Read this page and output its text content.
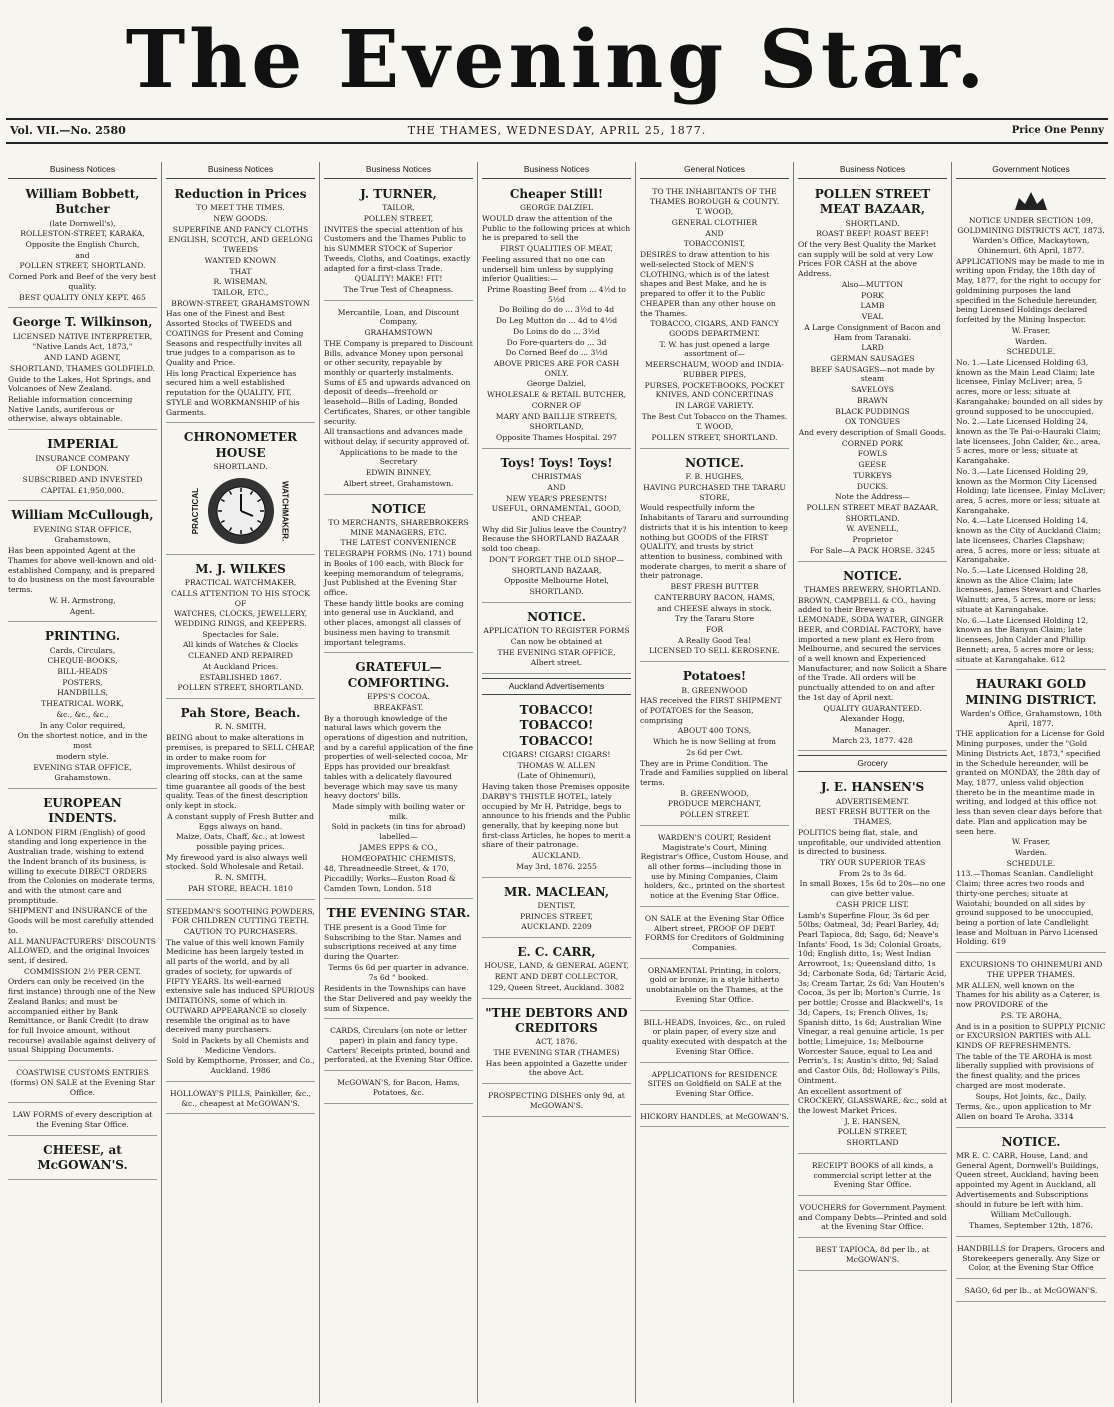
The Evening Star.
Vol. VII.—No. 2580	THE THAMES, WEDNESDAY, APRIL 25, 1877.	Price One Penny
Business Notices

William Bobbett, Butcher

(late Dornwell's),

ROLLESTON-STREET, KARAKA,

Opposite the English Church,

and

POLLEN STREET, SHORTLAND.

Corned Pork and Beef of the very best quality.

BEST QUALITY ONLY KEPT. 465

George T. Wilkinson,

LICENSED NATIVE INTERPRETER,

"Native Lands Act, 1873,"

AND LAND AGENT,

SHORTLAND, THAMES GOLDFIELD.

Guide to the Lakes, Hot Springs, and Volcanoes of New Zealand.

Reliable information concerning Native Lands, auriferous or otherwise, always obtainable.

IMPERIAL

INSURANCE COMPANY

OF LONDON.

SUBSCRIBED AND INVESTED

CAPITAL £1,950,000.

William McCullough,

EVENING STAR OFFICE,

Grahamstown,

Has been appointed Agent at the Thames for above well-known and old-established Company, and is prepared to do business on the most favourable terms.

W. H. Armstrong,

Agent.

PRINTING.

Cards, Circulars,

CHEQUE-BOOKS,

BILL-HEADS

POSTERS,

HANDBILLS,

THEATRICAL WORK,

&c., &c., &c.,

In any Color required,

On the shortest notice, and in the most

modern style.

EVENING STAR OFFICE,

Grahamstown.

EUROPEAN INDENTS.

A LONDON FIRM (English) of good standing and long experience in the Australian trade, wishing to extend the Indent branch of its business, is willing to execute DIRECT ORDERS from the Colonies on moderate terms, and with the utmost care and promptitude.

SHIPMENT and INSURANCE of the Goods will be most carefully attended to.

ALL MANUFACTURERS' DISCOUNTS ALLOWED, and the original Invoices sent, if desired.

COMMISSION 2½ PER CENT.

Orders can only be received (in the first instance) through one of the New Zealand Banks; and must be accompanied either by Bank Remittance, or Bank Credit (to draw for full Invoice amount, without recourse) available against delivery of usual Shipping Documents.

COASTWISE CUSTOMS ENTRIES (forms) ON SALE at the Evening Star Office.

LAW FORMS of every description at the Evening Star Office.

CHEESE, at McGOWAN'S.

Business Notices

Reduction in Prices

TO MEET THE TIMES.

NEW GOODS.

SUPERFINE AND FANCY CLOTHS

ENGLISH, SCOTCH, AND GEELONG TWEEDS

WANTED KNOWN

THAT

R. WISEMAN,

TAILOR, ETC.,

BROWN-STREET, GRAHAMSTOWN

Has one of the Finest and Best Assorted Stocks of TWEEDS and COATINGS for Present and Coming Seasons and respectfully invites all true judges to a comparison as to Quality and Price.

His long Practical Experience has secured him a well established reputation for the QUALITY, FIT, STYLE and WORKMANSHIP of his Garments.

CHRONOMETER HOUSE

SHORTLAND.

PRACTICAL	WATCHMAKER.

M. J. WILKES

PRACTICAL WATCHMAKER,

CALLS ATTENTION TO HIS STOCK OF

WATCHES, CLOCKS, JEWELLERY, WEDDING RINGS, and KEEPERS.

Spectacles for Sale.

All kinds of Watches & Clocks

CLEANED AND REPAIRED

At Auckland Prices.

ESTABLISHED 1867.

POLLEN STREET, SHORTLAND.

Pah Store, Beach.

R. N. SMITH,

BEING about to make alterations in premises, is prepared to SELL CHEAP, in order to make room for improvements. Whilst desirous of clearing off stocks, can at the same time guarantee all goods of the best quality. Teas of the finest description only kept in stock.

A constant supply of Fresh Butter and Eggs always on hand.

Maize, Oats, Chaff, &c., at lowest possible paying prices.

My firewood yard is also always well stocked. Sold Wholesale and Retail.

R. N. SMITH,

PAH STORE, BEACH. 1810

STEEDMAN'S SOOTHING POWDERS, FOR CHILDREN CUTTING TEETH.

CAUTION TO PURCHASERS.

The value of this well known Family Medicine has been largely tested in all parts of the world, and by all grades of society, for upwards of FIFTY YEARS. Its well-earned extensive sale has induced SPURIOUS IMITATIONS, some of which in OUTWARD APPEARANCE so closely resemble the original as to have deceived many purchasers.

Sold in Packets by all Chemists and Medicine Vendors.

Sold by Kempthorne, Prosser, and Co., Auckland. 1986

HOLLOWAY'S PILLS, Painkiller, &c., &c., cheapest at McGOWAN'S.

Business Notices

J. TURNER,

TAILOR,

POLLEN STREET,

INVITES the special attention of his Customers and the Thames Public to his SUMMER STOCK of Superior Tweeds, Cloths, and Coatings, exactly adapted for a first-class Trade.

QUALITY! MAKE! FIT!

The True Test of Cheapness.

Mercantile, Loan, and Discount Company,

GRAHAMSTOWN

THE Company is prepared to Discount Bills, advance Money upon personal or other security, repayable by monthly or quarterly instalments. Sums of £5 and upwards advanced on deposit of deeds—freehold or leasehold—Bills of Lading, Bonded Certificates, Shares, or other tangible security.

All transactions and advances made without delay, if security approved of.

Applications to be made to the Secretary

EDWIN BINNEY,

Albert street, Grahamstown.

NOTICE

TO MERCHANTS, SHAREBROKERS MINE MANAGERS, ETC.

THE LATEST CONVENIENCE

TELEGRAPH FORMS (No. 171) bound in Books of 100 each, with Block for keeping memorandum of telegrams, Just Published at the Evening Star office.

These handy little books are coming into general use in Auckland, and other places, amongst all classes of business men having to transmit important telegrams.

GRATEFUL—COMFORTING.

EPPS'S COCOA.

BREAKFAST.

By a thorough knowledge of the natural laws which govern the operations of digestion and nutrition, and by a careful application of the fine properties of well-selected cocoa, Mr Epps has provided our breakfast tables with a delicately flavoured beverage which may save us many heavy doctors' bills.

Made simply with boiling water or milk.

Sold in packets (in tins for abroad) labelled—

JAMES EPPS & CO.,

HOMŒOPATHIC CHEMISTS,

48, Threadneedle Street, & 170, Piccadilly; Works—Euston Road & Camden Town, London. 518

THE EVENING STAR.

THE present is a Good Time for Subscribing to the Star. Names and subscriptions received at any time during the Quarter.

Terms 6s 6d per quarter in advance.

7s 6d " booked.

Residents in the Townships can have the Star Delivered and pay weekly the sum of Sixpence.

CARDS, Circulars (on note or letter paper) in plain and fancy type. Carters' Receipts printed, bound and perforated, at the Evening Star Office.

McGOWAN'S, for Bacon, Hams, Potatoes, &c.

Business Notices

Cheaper Still!

GEORGE DALZIEL

WOULD draw the attention of the Public to the following prices at which he is prepared to sell the

FIRST QUALITIES OF MEAT,

Feeling assured that no one can undersell him unless by supplying inferior Qualities:—

Prime Roasting Beef from ... 4½d to 5½d

Do Boiling do do ... 3½d to 4d

Do Leg Mutton do ... 4d to 4½d

Do Loins do do ... 3½d

Do Fore-quarters do ... 3d

Do Corned Beef do ... 3½d

ABOVE PRICES ARE FOR CASH ONLY.

George Dalziel,

WHOLESALE & RETAIL BUTCHER,

CORNER OF

MARY AND BAILLIE STREETS,

SHORTLAND,

Opposite Thames Hospital. 297

Toys! Toys! Toys!

CHRISTMAS

AND

NEW YEAR'S PRESENTS!

USEFUL, ORNAMENTAL, GOOD, AND CHEAP.

Why did Sir Julius leave the Country? Because the SHORTLAND BAZAAR sold too cheap.

DON'T FORGET THE OLD SHOP—

SHORTLAND BAZAAR,

Opposite Melbourne Hotel,

SHORTLAND.

NOTICE.

APPLICATION TO REGISTER FORMS

Can now be obtained at

THE EVENING STAR OFFICE,

Albert street.

Auckland Advertisements

TOBACCO! TOBACCO! TOBACCO!

CIGARS! CIGARS! CIGARS!

THOMAS W. ALLEN

(Late of Ohinemuri),

Having taken those Premises opposite DARBY'S THISTLE HOTEL, lately occupied by Mr H. Patridge, begs to announce to his friends and the Public generally, that by keeping none but first-class Articles, he hopes to merit a share of their patronage.

AUCKLAND.

May 3rd, 1876. 2255

MR. MACLEAN,

DENTIST,

PRINCES STREET,

AUCKLAND. 2209

E. C. CARR,

HOUSE, LAND, & GENERAL AGENT,

RENT AND DEBT COLLECTOR,

129, Queen Street, Auckland. 3082

"THE DEBTORS AND CREDITORS

ACT, 1876.

THE EVENING STAR (THAMES)

Has been appointed a Gazette under the above Act.

PROSPECTING DISHES only 9d, at McGOWAN'S.

General Notices

TO THE INHABITANTS OF THE THAMES BOROUGH & COUNTY.

T. WOOD,

GENERAL CLOTHIER

AND

TOBACCONIST,

DESIRES to draw attention to his well-selected Stock of MEN'S CLOTHING, which is of the latest shapes and Best Make, and he is prepared to offer it to the Public CHEAPER than any other house on the Thames.

TOBACCO, CIGARS, AND FANCY GOODS DEPARTMENT.

T. W. has just opened a large assortment of—

MEERSCHAUM, WOOD and INDIA-RUBBER PIPES,

PURSES, POCKET-BOOKS, POCKET KNIVES, AND CONCERTINAS

IN LARGE VARIETY.

The Best Cut Tobacco on the Thames.

T. WOOD,

POLLEN STREET, SHORTLAND.

NOTICE.

F. B. HUGHES,

HAVING PURCHASED THE TARARU STORE,

Would respectfully inform the Inhabitants of Tararu and surrounding districts that it is his intention to keep nothing but GOODS of the FIRST QUALITY, and trusts by strict attention to business, combined with moderate charges, to merit a share of their patronage.

BEST FRESH BUTTER

CANTERBURY BACON, HAMS,

and CHEESE always in stock.

Try the Tararu Store

FOR

A Really Good Tea!

LICENSED TO SELL KEROSENE.

Potatoes!

B. GREENWOOD

HAS received the FIRST SHIPMENT of POTATOES for the Season, comprising

ABOUT 400 TONS,

Which he is now Selling at from

2s 6d per Cwt.

They are in Prime Condition. The Trade and Families supplied on liberal terms.

B. GREENWOOD,

PRODUCE MERCHANT,

POLLEN STREET.

WARDEN'S COURT, Resident Magistrate's Court, Mining Registrar's Office, Custom House, and all other forms—including those in use by Mining Companies, Claim holders, &c., printed on the shortest notice at the Evening Star Office.

ON SALE at the Evening Star Office Albert street, PROOF OF DEBT FORMS for Creditors of Goldmining Companies.

ORNAMENTAL Printing, in colors, gold or bronze, in a style hitherto unobtainable on the Thames, at the Evening Star Office.

BILL-HEADS, Invoices, &c., on ruled or plain paper, of every size and quality executed with despatch at the Evening Star Office.

APPLICATIONS for RESIDENCE SITES on Goldfield on SALE at the Evening Star Office.

HICKORY HANDLES, at McGOWAN'S.

Business Notices

POLLEN STREET MEAT BAZAAR,

SHORTLAND.

ROAST BEEF! ROAST BEEF!

Of the very Best Quality the Market can supply will be sold at very Low Prices FOR CASH at the above Address.

Also—MUTTON

PORK

LAMB

VEAL

A Large Consignment of Bacon and Ham from Taranaki.

LARD

GERMAN SAUSAGES

BEEF SAUSAGES—not made by steam

SAVELOYS

BRAWN

BLACK PUDDINGS

OX TONGUES

And every description of Small Goods.

CORNED PORK

FOWLS

GEESE

TURKEYS

DUCKS.

Note the Address—

POLLEN STREET MEAT BAZAAR,

SHORTLAND.

W. AVENELL,

Proprietor

For Sale—A PACK HORSE. 3245

NOTICE.

THAMES BREWERY, SHORTLAND.

BROWN, CAMPBELL & CO., having added to their Brewery a LEMONADE, SODA WATER, GINGER BEER, and CORDIAL FACTORY, have imported a new plant ex Hero from Melbourne, and secured the services of a well known and Experienced Manufacturer, and now Solicit a Share of the Trade. All orders will be punctually attended to on and after the 1st day of April next.

QUALITY GUARANTEED.

Alexander Hogg,

Manager.

March 23, 1877. 428

Grocery

J. E. HANSEN'S

ADVERTISEMENT.

BEST FRESH BUTTER on the THAMES,

POLITICS being flat, stale, and unprofitable, our undivided attention is directed to business.

TRY OUR SUPERIOR TEAS

From 2s to 3s 6d.

In small Boxes, 15s 6d to 20s—no one can give better value.

CASH PRICE LIST.

Lamb's Superfine Flour, 3s 6d per 50lbs; Oatmeal, 3d; Pearl Barley, 4d; Pearl Tapioca, 8d; Sago, 6d; Neave's Infants' Food, 1s 3d; Colonial Groats, 10d; English ditto, 1s; West Indian Arrowroot, 1s; Queensland ditto, 1s 3d; Carbonate Soda, 6d; Tartaric Acid, 3s; Cream Tartar, 2s 6d; Van Houten's Cocoa, 3s per lb; Morton's Currie, 1s per bottle; Crosse and Blackwell's, 1s 3d; Capers, 1s; French Olives, 1s; Spanish ditto, 1s 6d; Australian Wine Vinegar, a real genuine article, 1s per bottle; Limejuice, 1s; Melbourne Worcester Sauce, equal to Lea and Perrin's, 1s; Austin's ditto, 9d; Salad and Castor Oils, 8d; Holloway's Pills, Ointment.

An excellent assortment of CROCKERY, GLASSWARE, &c., sold at the lowest Market Prices.

J. E. HANSEN,

POLLEN STREET,

SHORTLAND

RECEIPT BOOKS of all kinds, a commercial script letter at the Evening Star Office.

VOUCHERS for Government Payment and Company Debts—Printed and sold at the Evening Star Office.

BEST TAPIOCA, 8d per lb., at McGOWAN'S.

Government Notices

NOTICE UNDER SECTION 109, GOLDMINING DISTRICTS ACT, 1873.

Warden's Office, Mackaytown, Ohinemuri, 6th April, 1877.

APPLICATIONS may be made to me in writing upon Friday, the 18th day of May, 1877, for the right to occupy for goldmining purposes the land specified in the Schedule hereunder, being Licensed Holdings declared forfeited by the Mining Inspector.

W. Fraser,

Warden.

SCHEDULE.

No. 1.—Late Licensed Holding 63, known as the Main Lead Claim; late licensee, Finlay McLiver; area, 5 acres, more or less; situate at Karangahake; bounded on all sides by ground supposed to be unoccupied.

No. 2.—Late Licensed Holding 24, known as the Te Pai-o-Hauraki Claim; late licensees, John Calder, &c., area, 5 acres, more or less; situate at Karangahake.

No. 3.—Late Licensed Holding 29, known as the Mormon City Licensed Holding; late licensee, Finlay McLiver; area, 5 acres, more or less; situate at Karangahake.

No. 4.—Late Licensed Holding 14, known as the City of Auckland Claim; late licensees, Charles Clapshaw; area, 5 acres, more or less; situate at Karangahake.

No. 5.—Late Licensed Holding 28, known as the Alice Claim; late licensees, James Stewart and Charles Walnutt; area, 5 acres, more or less; situate at Karangahake.

No. 6.—Late Licensed Holding 12, known as the Banyan Claim; late licensees, John Calder and Phillip Bennett; area, 5 acres more or less; situate at Karangahake. 612

HAURAKI GOLD MINING DISTRICT.

Warden's Office, Grahamstown, 10th April, 1877.

THE application for a License for Gold Mining purposes, under the "Gold Mining Districts Act, 1873," specified in the Schedule hereunder, will be granted on MONDAY, the 28th day of May, 1877, unless valid objection thereto be in the meantime made in writing, and lodged at this office not less than seven clear days before that date. Plan and application may be seen here.

W. Fraser,

Warden.

SCHEDULE.

113.—Thomas Scanlan. Candlelight Claim; three acres two roods and thirty-one perches; situate at Waiotahi; bounded on all sides by ground supposed to be unoccupied, being a portion of late Candlelight lease and Moltuan in Parvo Licensed Holding. 619

EXCURSIONS TO OHINEMURI AND THE UPPER THAMES.

MR ALLEN, well known on the Thames for his ability as a Caterer, is now PROVIDORE of the

P.S. TE AROHA,

And is in a position to SUPPLY PICNIC or EXCURSION PARTIES with ALL KINDS OF REFRESHMENTS.

The table of the TE AROHA is most liberally supplied with provisions of the finest quality, and the prices charged are most moderate.

Soups, Hot Joints, &c., Daily.

Terms, &c., upon application to Mr Allen on board Te Aroha. 3314

NOTICE.

MR E. C. CARR, House, Land, and General Agent, Dornwell's Buildings, Queen street, Auckland, having been appointed my Agent in Auckland, all Advertisements and Subscriptions should in future be left with him.

William McCullough.

Thames, September 12th, 1876.

HANDBILLS for Drapers, Grocers and Storekeepers generally. Any Size or Color, at the Evening Star Office

SAGO, 6d per lb., at McGOWAN'S.
